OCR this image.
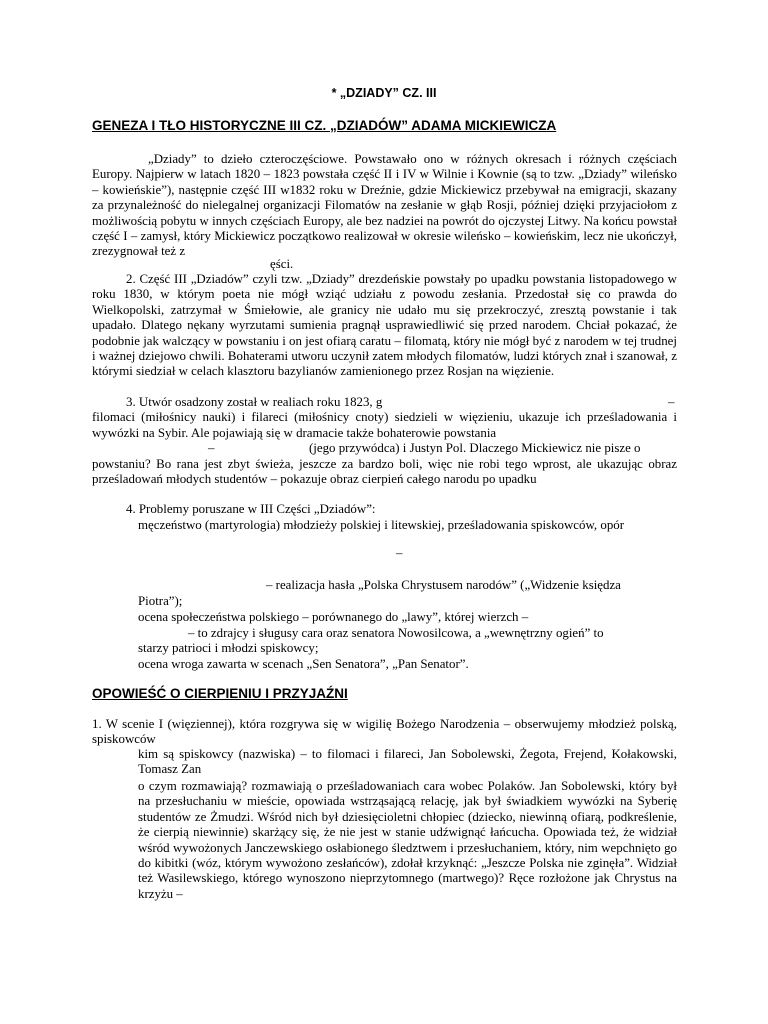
* „DZIADY” CZ. III
GENEZA I TŁO HISTORYCZNE III CZ. „DZIADÓW” ADAMA MICKIEWICZA
„Dziady” to dzieło czteroczęściowe. Powstawało ono w różnych okresach i różnych częściach Europy. Najpierw w latach 1820 – 1823 powstała część II i IV w Wilnie i Kownie (są to tzw. „Dziady” wileńsko – kowieńskie”), następnie część III w1832 roku w Dreźnie, gdzie Mickiewicz przebywał na emigracji, skazany za przynależność do nielegalnej organizacji Filomatów na zesłanie w głąb Rosji, później dzięki przyjaciołom z możliwością pobytu w innych częściach Europy, ale bez nadziei na powrót do ojczystej Litwy. Na końcu powstał część I – zamysł, który Mickiewicz początkowo realizował w okresie wileńsko – kowieńskim, lecz nie ukończył, zrezygnował też z
ęści.
2. Część III „Dziadów” czyli tzw. „Dziady” drezdeńskie powstały po upadku powstania listopadowego w roku 1830, w którym poeta nie mógł wziąć udziału z powodu zesłania. Przedostał się co prawda do Wielkopolski, zatrzymał w Śmiełowie, ale granicy nie udało mu się przekroczyć, zresztą powstanie i tak upadało. Dlatego nękany wyrzutami sumienia pragnął usprawiedliwić się przed narodem. Chciał pokazać, że podobnie jak walczący w powstaniu i on jest ofiarą caratu – filomatą, który nie mógł być z narodem w tej trudnej i ważnej dziejowo chwili. Bohaterami utworu uczynił zatem młodych filomatów, ludzi których znał i szanował, z którymi siedział w celach klasztoru bazylianów zamienionego przez Rosjan na więzienie.
3. Utwór osadzony został w realiach roku 1823, g	–
filomaci (miłośnicy nauki) i filareci (miłośnicy cnoty) siedzieli w więzieniu, ukazuje ich prześladowania i wywózki na Sybir. Ale pojawiają się w dramacie także bohaterowie powstania
–	(jego przywódca) i Justyn Pol. Dlaczego Mickiewicz nie pisze o
powstaniu? Bo rana jest zbyt świeża, jeszcze za bardzo boli, więc nie robi tego wprost, ale ukazując obraz prześladowań młodych studentów – pokazuje obraz cierpień całego narodu po upadku
4. Problemy poruszane w III Części „Dziadów”:
męczeństwo (martyrologia) młodzieży polskiej i litewskiej, prześladowania spiskowców, opór
–
– realizacja hasła „Polska Chrystusem narodów” („Widzenie księdza
Piotra”);
ocena społeczeństwa polskiego – porównanego do „lawy”, której wierzch –
– to zdrajcy i sługusy cara oraz senatora Nowosilcowa, a „wewnętrzny ogień” to
starzy patrioci i młodzi spiskowcy;
ocena wroga zawarta w scenach „Sen Senatora”, „Pan Senator”.
OPOWIEŚĆ O CIERPIENIU I PRZYJAŹNI
1. W scenie I (więziennej), która rozgrywa się w wigilię Bożego Narodzenia – obserwujemy młodzież polską, spiskowców
kim są spiskowcy (nazwiska) – to filomaci i filareci, Jan Sobolewski, Żegota, Frejend, Kołakowski, Tomasz Zan
o czym rozmawiają? rozmawiają o prześladowaniach cara wobec Polaków. Jan Sobolewski, który był na przesłuchaniu w mieście, opowiada wstrząsającą relację, jak był świadkiem wywózki na Syberię studentów ze Żmudzi. Wśród nich był dziesięcioletni chłopiec (dziecko, niewinną ofiarą, podkreślenie, że cierpią niewinnie) skarżący się, że nie jest w stanie udźwignąć łańcucha. Opowiada też, że widział wśród wywożonych Janczewskiego osłabionego śledztwem i przesłuchaniem, który, nim wepchnięto go do kibitki (wóz, którym wywożono zesłańców), zdołał krzyknąć: „Jeszcze Polska nie zginęła”. Widział też Wasilewskiego, którego wynoszono nieprzytomnego (martwego)? Ręce rozłożone jak Chrystus na krzyżu –
